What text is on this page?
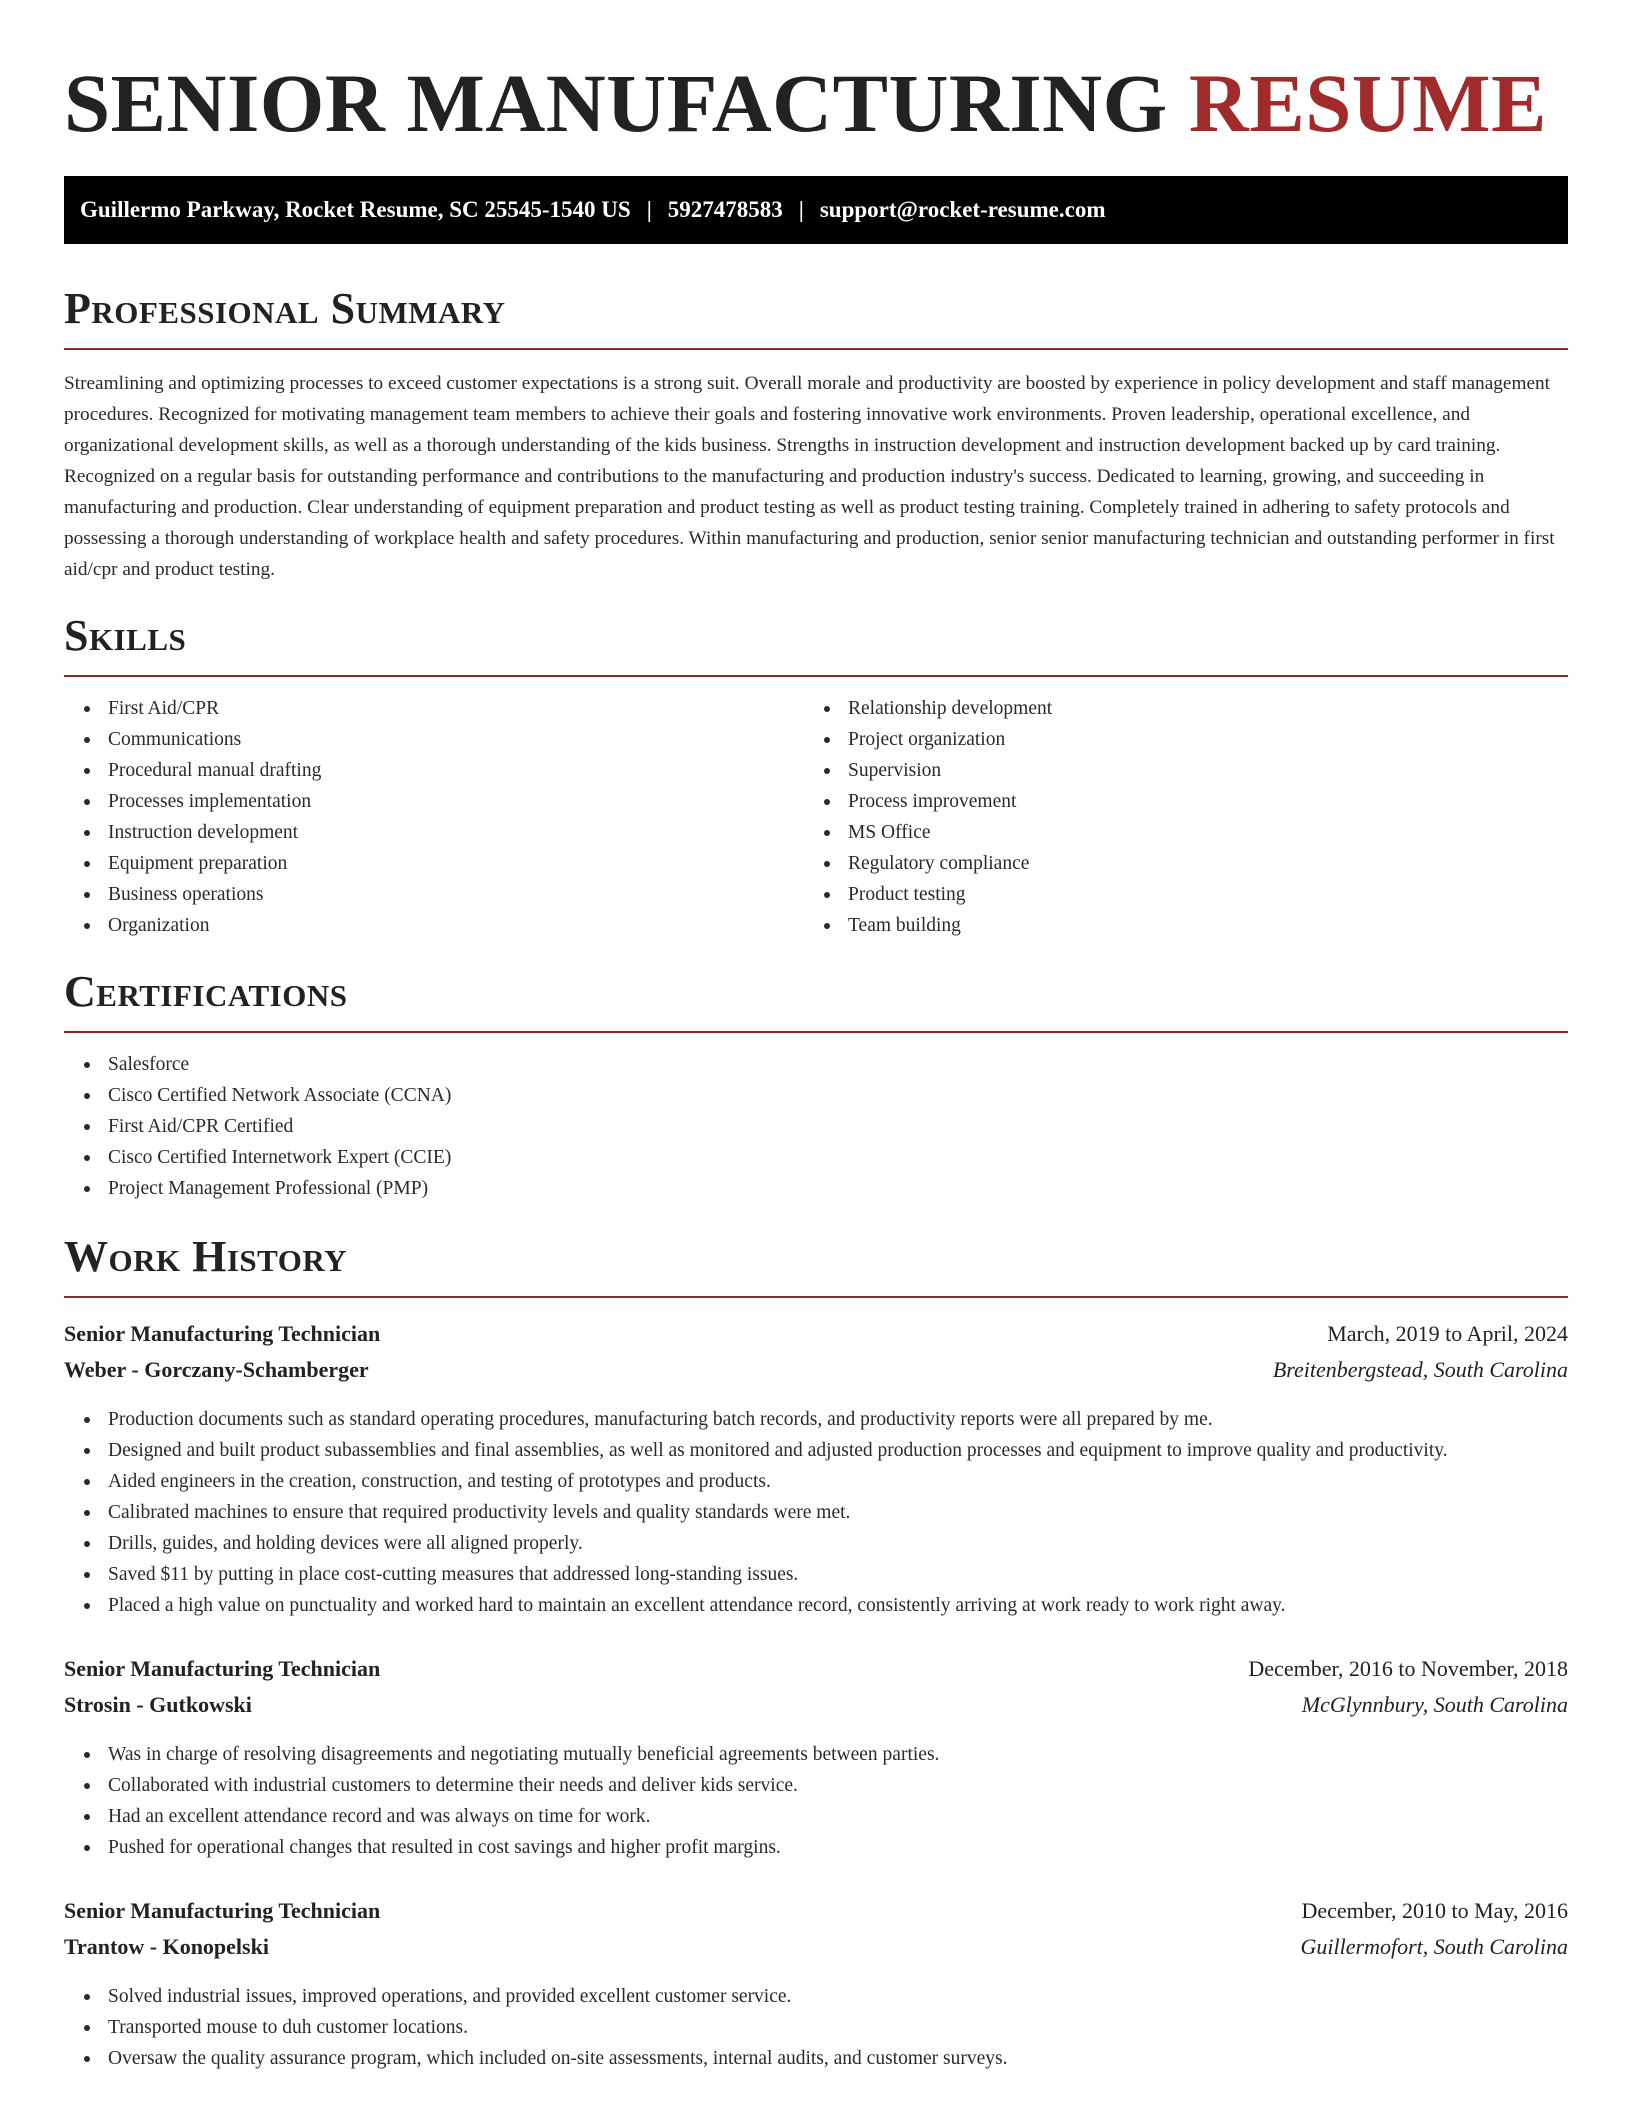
SENIOR MANUFACTURING RESUME
Guillermo Parkway, Rocket Resume, SC 25545-1540 US | 5927478583 | support@rocket-resume.com
Professional Summary

Streamlining and optimizing processes to exceed customer expectations is a strong suit. Overall morale and productivity are boosted by experience in policy development and staff management procedures. Recognized for motivating management team members to achieve their goals and fostering innovative work environments. Proven leadership, operational excellence, and organizational development skills, as well as a thorough understanding of the kids business. Strengths in instruction development and instruction development backed up by card training. Recognized on a regular basis for outstanding performance and contributions to the manufacturing and production industry's success. Dedicated to learning, growing, and succeeding in manufacturing and production. Clear understanding of equipment preparation and product testing as well as product testing training. Completely trained in adhering to safety protocols and possessing a thorough understanding of workplace health and safety procedures. Within manufacturing and production, senior senior manufacturing technician and outstanding performer in first aid/cpr and product testing.

Skills
First Aid/CPR
Communications
Procedural manual drafting
Processes implementation
Instruction development
Equipment preparation
Business operations
Organization
Relationship development
Project organization
Supervision
Process improvement
MS Office
Regulatory compliance
Product testing
Team building
Certifications
Salesforce
Cisco Certified Network Associate (CCNA)
First Aid/CPR Certified
Cisco Certified Internetwork Expert (CCIE)
Project Management Professional (PMP)
Work History
Senior Manufacturing Technician	March, 2019 to April, 2024
Weber - Gorczany-Schamberger	Breitenbergstead, South Carolina
Production documents such as standard operating procedures, manufacturing batch records, and productivity reports were all prepared by me.
Designed and built product subassemblies and final assemblies, as well as monitored and adjusted production processes and equipment to improve quality and productivity.
Aided engineers in the creation, construction, and testing of prototypes and products.
Calibrated machines to ensure that required productivity levels and quality standards were met.
Drills, guides, and holding devices were all aligned properly.
Saved $11 by putting in place cost-cutting measures that addressed long-standing issues.
Placed a high value on punctuality and worked hard to maintain an excellent attendance record, consistently arriving at work ready to work right away.
Senior Manufacturing Technician	December, 2016 to November, 2018
Strosin - Gutkowski	McGlynnbury, South Carolina
Was in charge of resolving disagreements and negotiating mutually beneficial agreements between parties.
Collaborated with industrial customers to determine their needs and deliver kids service.
Had an excellent attendance record and was always on time for work.
Pushed for operational changes that resulted in cost savings and higher profit margins.
Senior Manufacturing Technician	December, 2010 to May, 2016
Trantow - Konopelski	Guillermofort, South Carolina
Solved industrial issues, improved operations, and provided excellent customer service.
Transported mouse to duh customer locations.
Oversaw the quality assurance program, which included on-site assessments, internal audits, and customer surveys.
